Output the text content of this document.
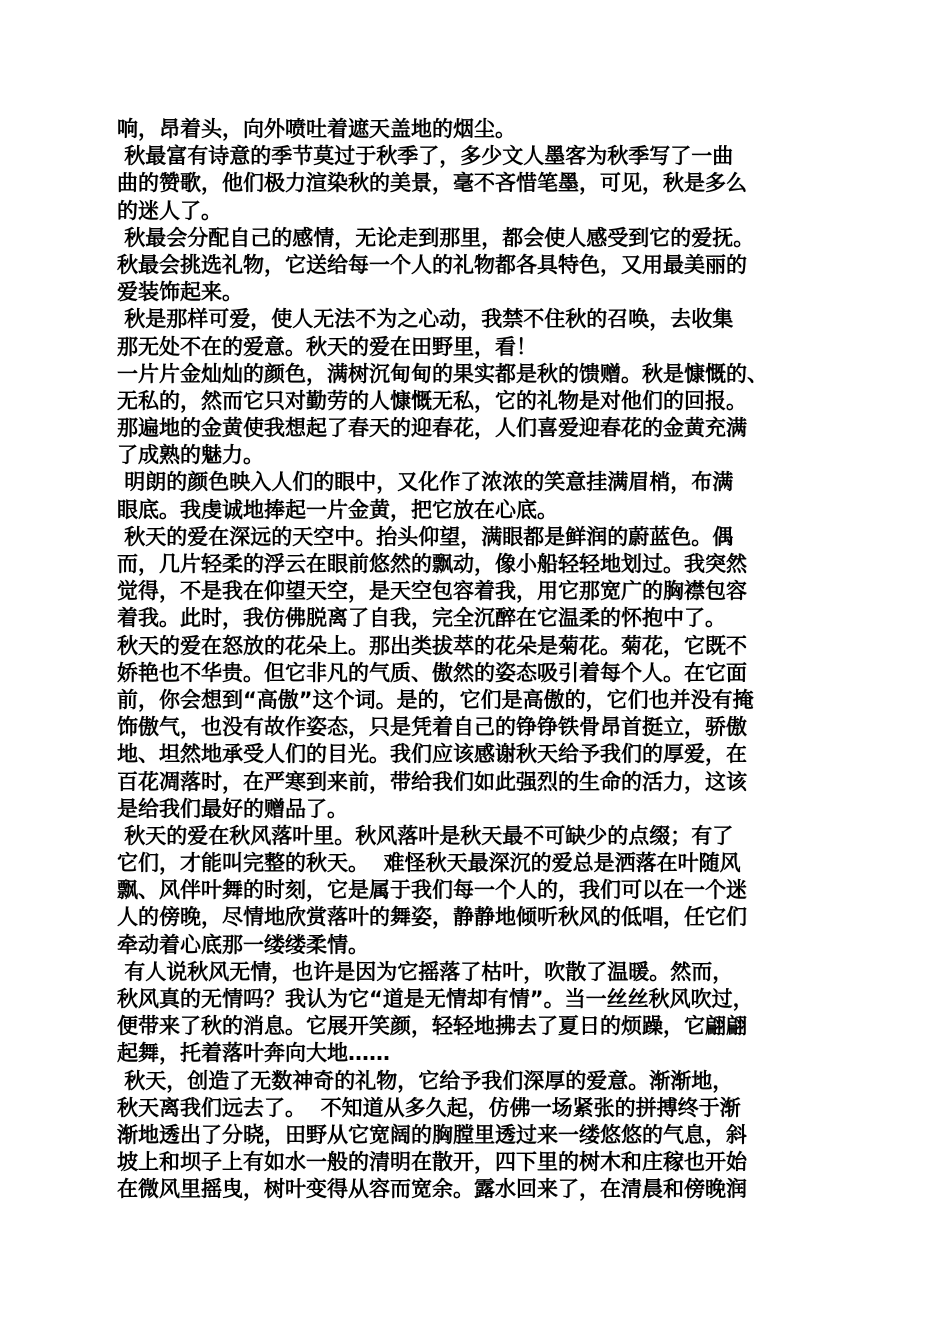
响，昂着头，向外喷吐着遮天盖地的烟尘。
秋最富有诗意的季节莫过于秋季了，多少文人墨客为秋季写了一曲
曲的赞歌，他们极力渲染秋的美景，毫不吝惜笔墨，可见，秋是多么
的迷人了。
秋最会分配自己的感情，无论走到那里，都会使人感受到它的爱抚。
秋最会挑选礼物，它送给每一个人的礼物都各具特色，又用最美丽的
爱装饰起来。
秋是那样可爱，使人无法不为之心动，我禁不住秋的召唤，去收集
那无处不在的爱意。秋天的爱在田野里，看！
一片片金灿灿的颜色，满树沉甸甸的果实都是秋的馈赠。秋是慷慨的、
无私的，然而它只对勤劳的人慷慨无私，它的礼物是对他们的回报。
那遍地的金黄使我想起了春天的迎春花，人们喜爱迎春花的金黄充满
了成熟的魅力。
明朗的颜色映入人们的眼中，又化作了浓浓的笑意挂满眉梢，布满
眼底。我虔诚地捧起一片金黄，把它放在心底。
秋天的爱在深远的天空中。抬头仰望，满眼都是鲜润的蔚蓝色。偶
而，几片轻柔的浮云在眼前悠然的飘动，像小船轻轻地划过。我突然
觉得，不是我在仰望天空，是天空包容着我，用它那宽广的胸襟包容
着我。此时，我仿佛脱离了自我，完全沉醉在它温柔的怀抱中了。
秋天的爱在怒放的花朵上。那出类拔萃的花朵是菊花。菊花，它既不
娇艳也不华贵。但它非凡的气质、傲然的姿态吸引着每个人。在它面
前，你会想到“高傲”这个词。是的，它们是高傲的，它们也并没有掩
饰傲气，也没有故作姿态，只是凭着自己的铮铮铁骨昂首挺立，骄傲
地、坦然地承受人们的目光。我们应该感谢秋天给予我们的厚爱，在
百花凋落时，在严寒到来前，带给我们如此强烈的生命的活力，这该
是给我们最好的赠品了。
秋天的爱在秋风落叶里。秋风落叶是秋天最不可缺少的点缀；有了
它们，才能叫完整的秋天。  难怪秋天最深沉的爱总是洒落在叶随风
飘、风伴叶舞的时刻，它是属于我们每一个人的，我们可以在一个迷
人的傍晚，尽情地欣赏落叶的舞姿，静静地倾听秋风的低唱，任它们
牵动着心底那一缕缕柔情。
有人说秋风无情，也许是因为它摇落了枯叶，吹散了温暖。然而，
秋风真的无情吗？我认为它“道是无情却有情”。当一丝丝秋风吹过，
便带来了秋的消息。它展开笑颜，轻轻地拂去了夏日的烦躁，它翩翩
起舞，托着落叶奔向大地……
秋天，创造了无数神奇的礼物，它给予我们深厚的爱意。渐渐地，
秋天离我们远去了。  不知道从多久起，仿佛一场紧张的拼搏终于渐
渐地透出了分晓，田野从它宽阔的胸膛里透过来一缕悠悠的气息，斜
坡上和坝子上有如水一般的清明在散开，四下里的树木和庄稼也开始
在微风里摇曳，树叶变得从容而宽余。露水回来了，在清晨和傍晚润
